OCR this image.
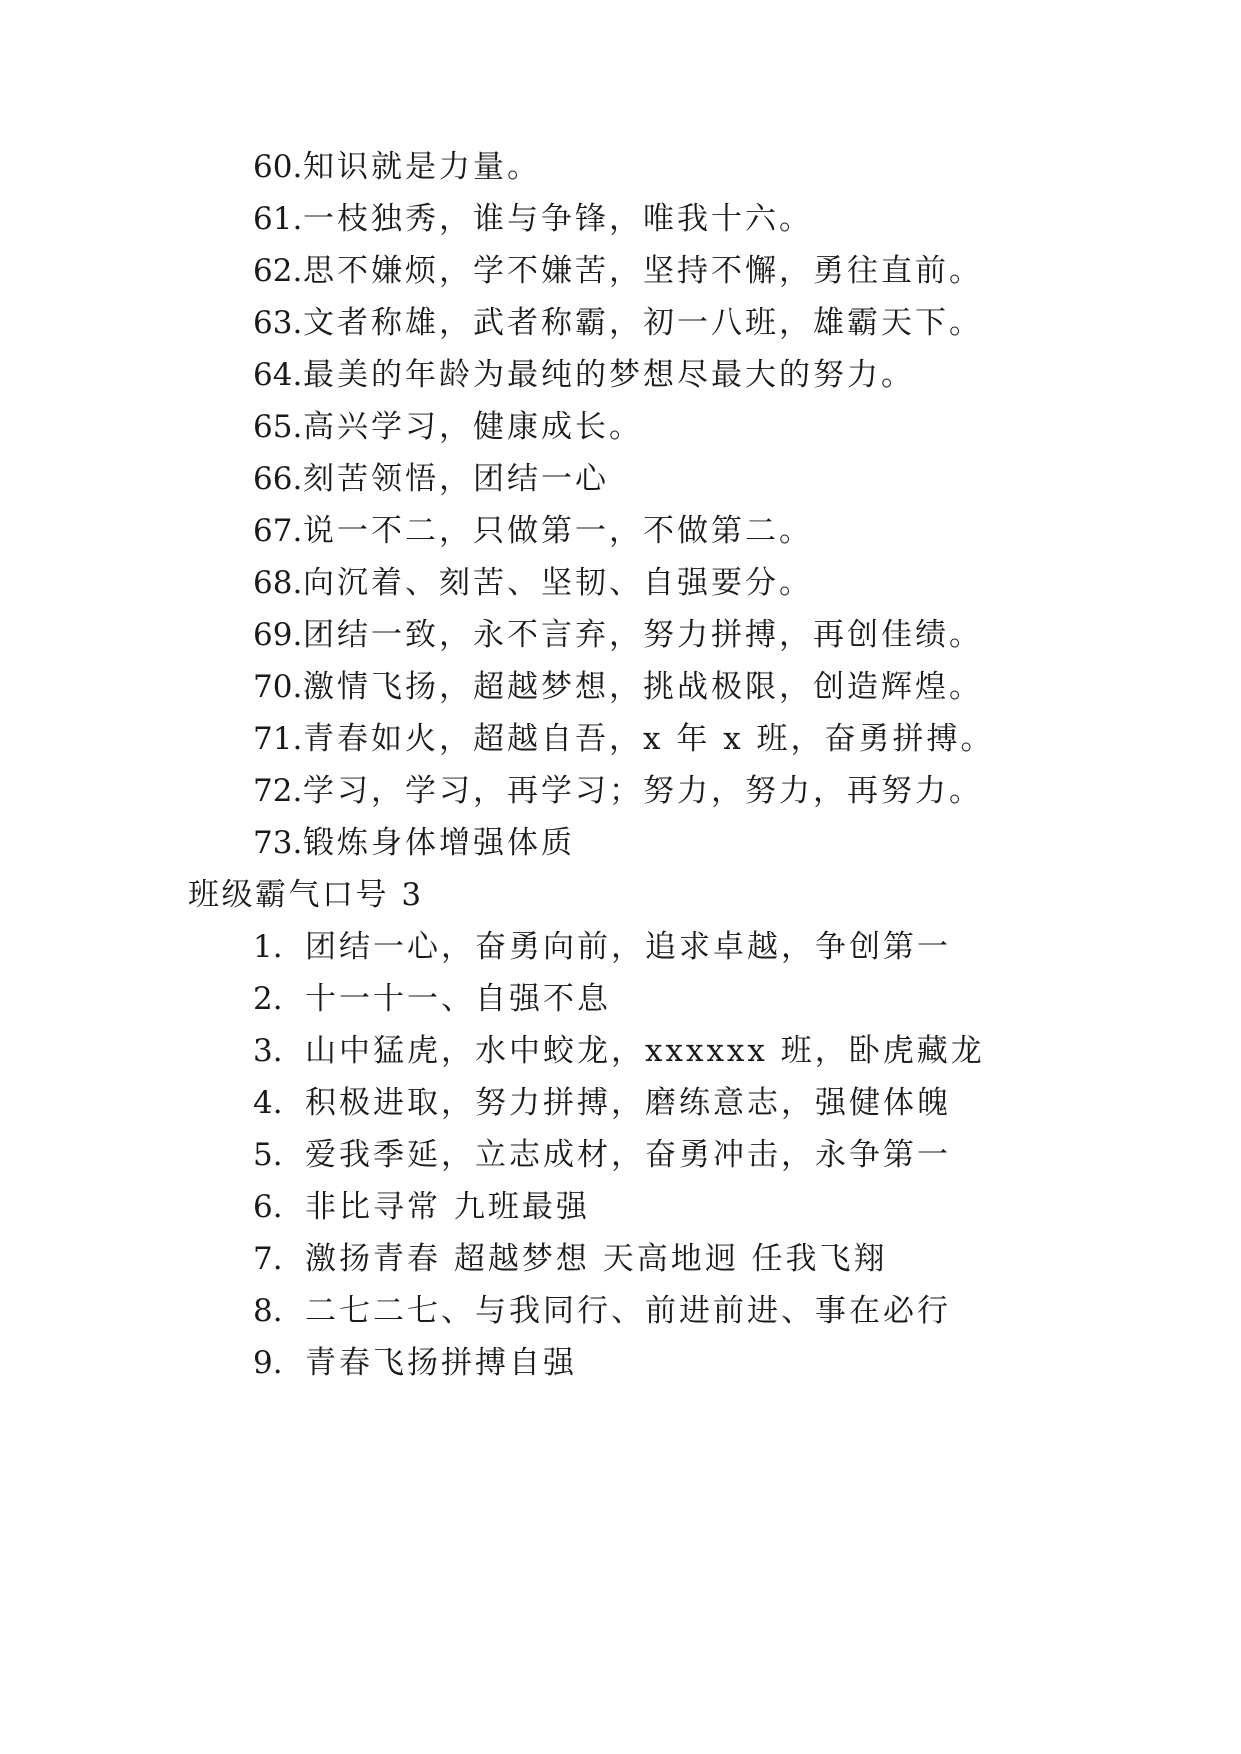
60.知识就是力量。
61.一枝独秀，谁与争锋，唯我十六。
62.思不嫌烦，学不嫌苦，坚持不懈，勇往直前。
63.文者称雄，武者称霸，初一八班，雄霸天下。
64.最美的年龄为最纯的梦想尽最大的努力。
65.高兴学习，健康成长。
66.刻苦领悟，团结一心
67.说一不二，只做第一，不做第二。
68.向沉着、刻苦、坚韧、自强要分。
69.团结一致，永不言弃，努力拼搏，再创佳绩。
70.激情飞扬，超越梦想，挑战极限，创造辉煌。
71.青春如火，超越自吾，x 年 x 班，奋勇拼搏。
72.学习，学习，再学习；努力，努力，再努力。
73.锻炼身体增强体质
班级霸气口号 3
1. 团结一心，奋勇向前，追求卓越，争创第一
2. 十一十一、自强不息
3. 山中猛虎，水中蛟龙，xxxxxx 班，卧虎藏龙
4. 积极进取，努力拼搏，磨练意志，强健体魄
5. 爱我季延，立志成材，奋勇冲击，永争第一
6. 非比寻常 九班最强
7. 激扬青春 超越梦想 天高地迥 任我飞翔
8. 二七二七、与我同行、前进前进、事在必行
9. 青春飞扬拼搏自强
